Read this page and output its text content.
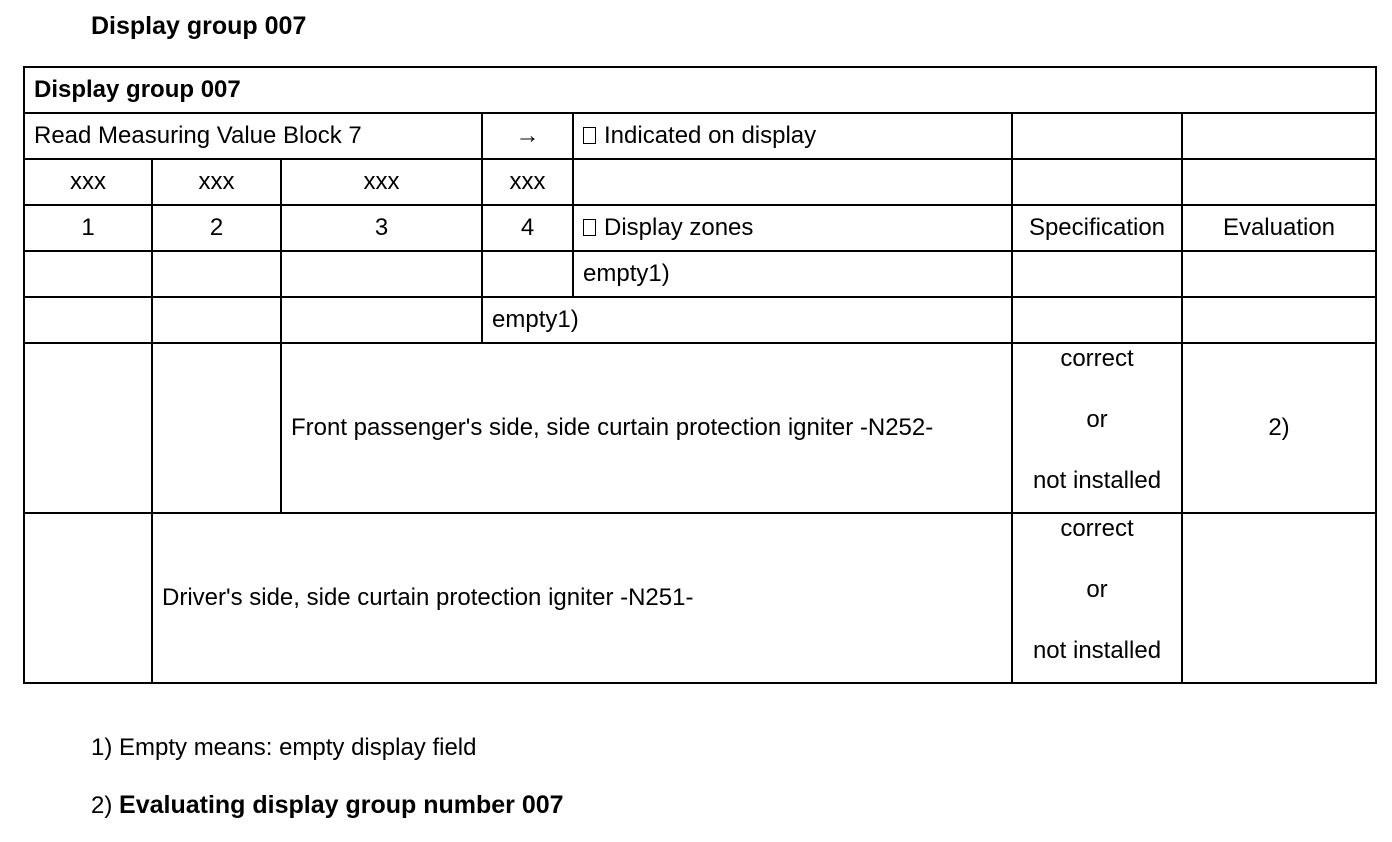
Display group 007
Display group 007						
Read Measuring Value Block 7			→	Indicated on display		
xxx	xxx	xxx	xxx			
1	2	3	4	Display zones	Specification	Evaluation
				empty1)		
			empty1)			
		Front passenger's side, side curtain protection igniter -N252-			correct
or
not installed	2)
	Driver's side, side curtain protection igniter -N251-				correct
or
not installed	

1) Empty means: empty display field
2) Evaluating display group number 007
